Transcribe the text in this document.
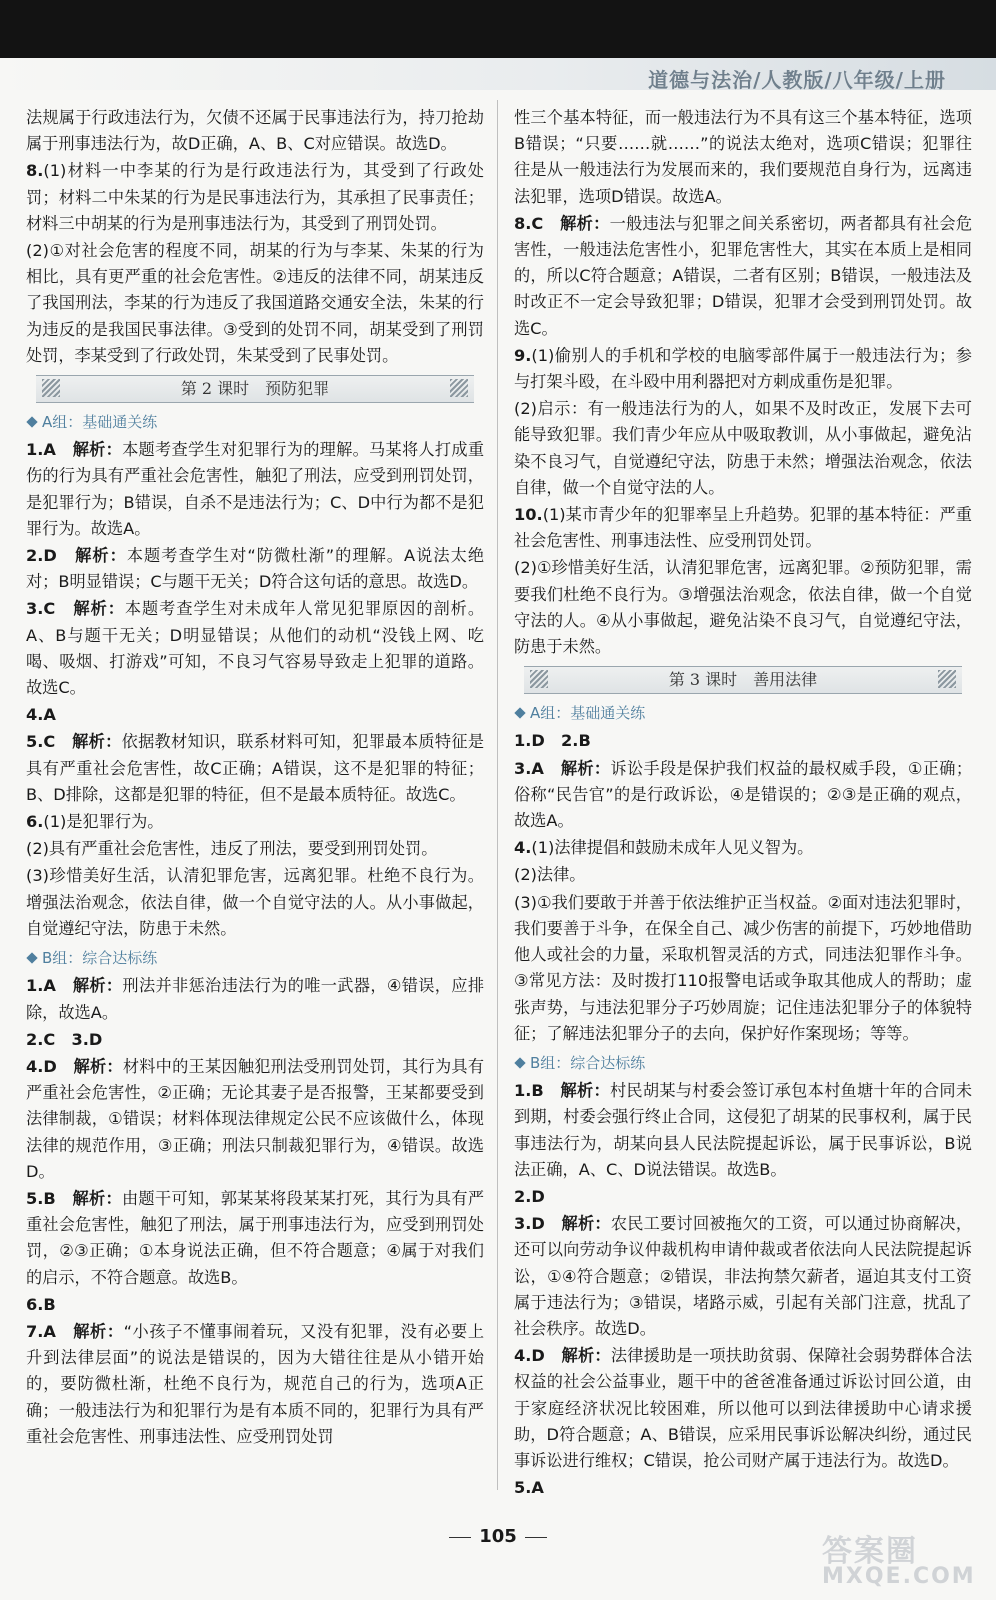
道德与法治/人教版/八年级/上册

法规属于行政违法行为，欠债不还属于民事违法行为，持刀抢劫属于刑事违法行为，故D正确，A、B、C对应错误。故选D。

8.(1)材料一中李某的行为是行政违法行为，其受到了行政处罚；材料二中朱某的行为是民事违法行为，其承担了民事责任；材料三中胡某的行为是刑事违法行为，其受到了刑罚处罚。

(2)①对社会危害的程度不同，胡某的行为与李某、朱某的行为相比，具有更严重的社会危害性。②违反的法律不同，胡某违反了我国刑法，李某的行为违反了我国道路交通安全法，朱某的行为违反的是我国民事法律。③受到的处罚不同，胡某受到了刑罚处罚，李某受到了行政处罚，朱某受到了民事处罚。

第 2 课时　预防犯罪
A组：基础通关练

1.A　 解析：本题考查学生对犯罪行为的理解。马某将人打成重伤的行为具有严重社会危害性，触犯了刑法，应受到刑罚处罚，是犯罪行为；B错误，自杀不是违法行为；C、D中行为都不是犯罪行为。故选A。

2.D　 解析：本题考查学生对“防微杜渐”的理解。A说法太绝对；B明显错误；C与题干无关；D符合这句话的意思。故选D。

3.C　 解析：本题考查学生对未成年人常见犯罪原因的剖析。A、B与题干无关；D明显错误；从他们的动机“没钱上网、吃喝、吸烟、打游戏”可知，不良习气容易导致走上犯罪的道路。故选C。

4.A

5.C　 解析：依据教材知识，联系材料可知，犯罪最本质特征是具有严重社会危害性，故C正确；A错误，这不是犯罪的特征；B、D排除，这都是犯罪的特征，但不是最本质特征。故选C。

6.(1)是犯罪行为。

(2)具有严重社会危害性，违反了刑法，要受到刑罚处罚。

(3)珍惜美好生活，认清犯罪危害，远离犯罪。杜绝不良行为。增强法治观念，依法自律，做一个自觉守法的人。从小事做起，自觉遵纪守法，防患于未然。

B组：综合达标练

1.A　 解析：刑法并非惩治违法行为的唯一武器，④错误，应排除，故选A。

2.C　3.D

4.D　 解析：材料中的王某因触犯刑法受刑罚处罚，其行为具有严重社会危害性，②正确；无论其妻子是否报警，王某都要受到法律制裁，①错误；材料体现法律规定公民不应该做什么，体现法律的规范作用，③正确；刑法只制裁犯罪行为，④错误。故选D。

5.B　 解析：由题干可知，郭某某将段某某打死，其行为具有严重社会危害性，触犯了刑法，属于刑事违法行为，应受到刑罚处罚，②③正确；①本身说法正确，但不符合题意；④属于对我们的启示，不符合题意。故选B。

6.B

7.A　 解析：“小孩子不懂事闹着玩，又没有犯罪，没有必要上升到法律层面”的说法是错误的，因为大错往往是从小错开始的，要防微杜渐，杜绝不良行为，规范自己的行为，选项A正确；一般违法行为和犯罪行为是有本质不同的，犯罪行为具有严重社会危害性、刑事违法性、应受刑罚处罚

性三个基本特征，而一般违法行为不具有这三个基本特征，选项B错误；“只要……就……”的说法太绝对，选项C错误；犯罪往往是从一般违法行为发展而来的，我们要规范自身行为，远离违法犯罪，选项D错误。故选A。

8.C　 解析：一般违法与犯罪之间关系密切，两者都具有社会危害性，一般违法危害性小，犯罪危害性大，其实在本质上是相同的，所以C符合题意；A错误，二者有区别；B错误，一般违法及时改正不一定会导致犯罪；D错误，犯罪才会受到刑罚处罚。故选C。

9.(1)偷别人的手机和学校的电脑零部件属于一般违法行为；参与打架斗殴，在斗殴中用利器把对方刺成重伤是犯罪。

(2)启示：有一般违法行为的人，如果不及时改正，发展下去可能导致犯罪。我们青少年应从中吸取教训，从小事做起，避免沾染不良习气，自觉遵纪守法，防患于未然；增强法治观念，依法自律，做一个自觉守法的人。

10.(1)某市青少年的犯罪率呈上升趋势。犯罪的基本特征：严重社会危害性、刑事违法性、应受刑罚处罚。

(2)①珍惜美好生活，认清犯罪危害，远离犯罪。②预防犯罪，需要我们杜绝不良行为。③增强法治观念，依法自律，做一个自觉守法的人。④从小事做起，避免沾染不良习气，自觉遵纪守法，防患于未然。

第 3 课时　善用法律
A组：基础通关练

1.D　2.B

3.A　 解析：诉讼手段是保护我们权益的最权威手段，①正确；俗称“民告官”的是行政诉讼，④是错误的；②③是正确的观点，故选A。

4.(1)法律提倡和鼓励未成年人见义智为。

(2)法律。

(3)①我们要敢于并善于依法维护正当权益。②面对违法犯罪时，我们要善于斗争，在保全自己、减少伤害的前提下，巧妙地借助他人或社会的力量，采取机智灵活的方式，同违法犯罪作斗争。③常见方法：及时拨打110报警电话或争取其他成人的帮助；虚张声势，与违法犯罪分子巧妙周旋；记住违法犯罪分子的体貌特征；了解违法犯罪分子的去向，保护好作案现场；等等。

B组：综合达标练

1.B　 解析：村民胡某与村委会签订承包本村鱼塘十年的合同未到期，村委会强行终止合同，这侵犯了胡某的民事权利，属于民事违法行为，胡某向县人民法院提起诉讼，属于民事诉讼，B说法正确，A、C、D说法错误。故选B。

2.D

3.D　 解析：农民工要讨回被拖欠的工资，可以通过协商解决，还可以向劳动争议仲裁机构申请仲裁或者依法向人民法院提起诉讼，①④符合题意；②错误，非法拘禁欠薪者，逼迫其支付工资属于违法行为；③错误，堵路示威，引起有关部门注意，扰乱了社会秩序。故选D。

4.D　 解析：法律援助是一项扶助贫弱、保障社会弱势群体合法权益的社会公益事业，题干中的爸爸准备通过诉讼讨回公道，由于家庭经济状况比较困难，所以他可以到法律援助中心请求援助，D符合题意；A、B错误，应采用民事诉讼解决纠纷，通过民事诉讼进行维权；C错误，抢公司财产属于违法行为。故选D。

5.A

105	答案圈
MXQE.COM
